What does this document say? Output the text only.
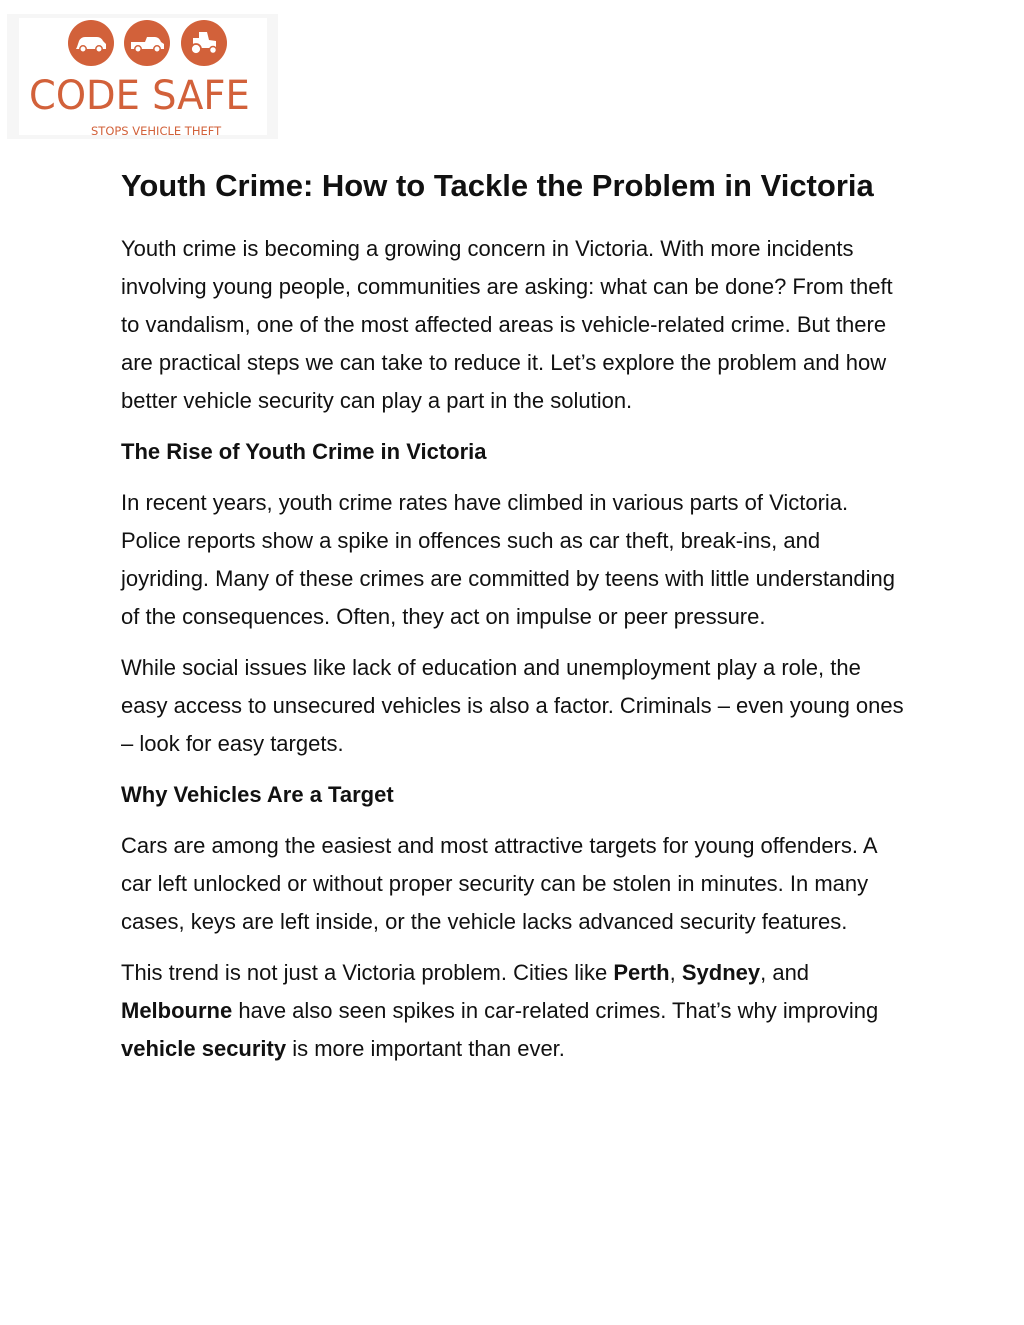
CODE SAFE
STOPS VEHICLE THEFT
Youth Crime: How to Tackle the Problem in Victoria

Youth crime is becoming a growing concern in Victoria. With more incidents involving young people, communities are asking: what can be done? From theft to vandalism, one of the most affected areas is vehicle-related crime. But there are practical steps we can take to reduce it. Let’s explore the problem and how better vehicle security can play a part in the solution.

The Rise of Youth Crime in Victoria

In recent years, youth crime rates have climbed in various parts of Victoria. Police reports show a spike in offences such as car theft, break-ins, and joyriding. Many of these crimes are committed by teens with little understanding of the consequences. Often, they act on impulse or peer pressure.

While social issues like lack of education and unemployment play a role, the easy access to unsecured vehicles is also a factor. Criminals – even young ones – look for easy targets.

Why Vehicles Are a Target

Cars are among the easiest and most attractive targets for young offenders. A car left unlocked or without proper security can be stolen in minutes. In many cases, keys are left inside, or the vehicle lacks advanced security features.

This trend is not just a Victoria problem. Cities like Perth, Sydney, and Melbourne have also seen spikes in car-related crimes. That’s why improving vehicle security is more important than ever.
